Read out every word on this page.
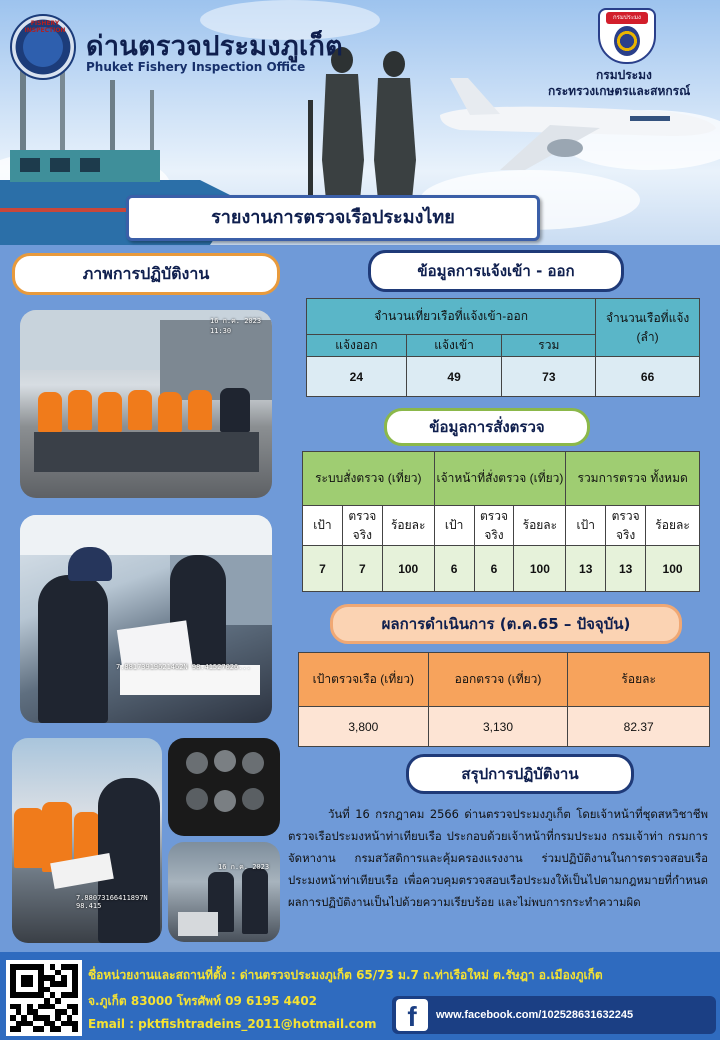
FISHERY INSPECTION
ด่านตรวจประมงภูเก็ต
Phuket Fishery Inspection Office
กรมประมง
กรมประมง
กระทรวงเกษตรและสหกรณ์
รายงานการตรวจเรือประมงไทย
ภาพการปฏิบัติงาน
16 ก.ค. 2023 11:30
7.88173919621462N 98.41527026...
7.88073166411897N 98.415
16 ก.ค. 2023
ข้อมูลการแจ้งเข้า - ออก
จำนวนเที่ยวเรือที่แจ้งเข้า-ออก			จำนวนเรือที่แจ้ง (ลำ)
แจ้งออก	แจ้งเข้า	รวม	
24	49	73	66
ข้อมูลการสั่งตรวจ
ระบบสั่งตรวจ (เที่ยว)			เจ้าหน้าที่สั่งตรวจ (เที่ยว)			รวมการตรวจ ทั้งหมด		
เป้า	ตรวจ จริง	ร้อยละ	เป้า	ตรวจ จริง	ร้อยละ	เป้า	ตรวจ จริง	ร้อยละ
7	7	100	6	6	100	13	13	100
ผลการดำเนินการ (ต.ค.65 – ปัจจุบัน)
เป้าตรวจเรือ (เที่ยว)	ออกตรวจ (เที่ยว)	ร้อยละ
3,800	3,130	82.37
สรุปการปฏิบัติงาน
วันที่ 16 กรกฎาคม 2566 ด่านตรวจประมงภูเก็ต โดยเจ้าหน้าที่ชุดสหวิชาชีพตรวจเรือประมงหน้าท่าเทียบเรือ ประกอบด้วยเจ้าหน้าที่กรมประมง กรมเจ้าท่า กรมการจัดหางาน กรมสวัสดิการและคุ้มครองแรงงาน ร่วมปฏิบัติงานในการตรวจสอบเรือประมงหน้าท่าเทียบเรือ เพื่อควบคุมตรวจสอบเรือประมงให้เป็นไปตามกฎหมายที่กำหนด ผลการปฏิบัติงานเป็นไปด้วยความเรียบร้อย และไม่พบการกระทำความผิด
ชื่อหน่วยงานและสถานที่ตั้ง : ด่านตรวจประมงภูเก็ต 65/73 ม.7 ถ.ท่าเรือใหม่ ต.รัษฎา อ.เมืองภูเก็ต
จ.ภูเก็ต 83000 โทรศัพท์ 09 6195 4402
Email : pktfishtradeins_2011@hotmail.com	f	www.facebook.com/102528631632245
